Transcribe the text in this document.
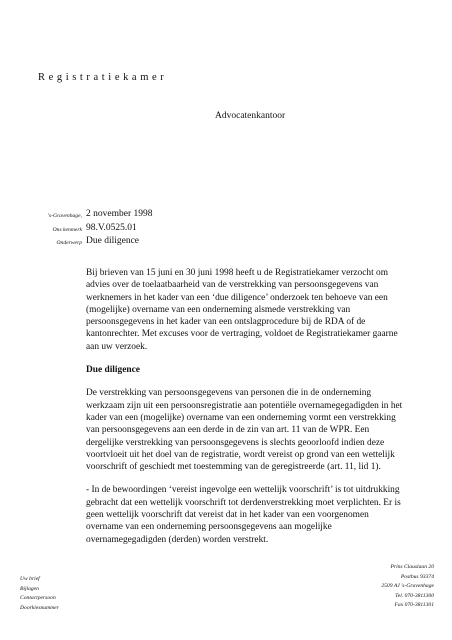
Registratiekamer
Advocatenkantoor
's-Gravenhage, 2 november 1998
Ons kenmerk 98.V.0525.01
Onderwerp Due diligence

Bij brieven van 15 juni en 30 juni 1998 heeft u de Registratiekamer verzocht om advies over de toelaatbaarheid van de verstrekking van persoonsgegevens van werknemers in het kader van een ‘due diligence’ onderzoek ten behoeve van een (mogelijke) overname van een onderneming alsmede verstrekking van persoonsgegevens in het kader van een ontslagprocedure bij de RDA of de kantonrechter. Met excuses voor de vertraging, voldoet de Registratiekamer gaarne aan uw verzoek.

Due diligence

De verstrekking van persoonsgegevens van personen die in de onderneming werkzaam zijn uit een persoonsregistratie aan potentiële overnamegegadigden in het kader van een (mogelijke) overname van een onderneming vormt een verstrekking van persoonsgegevens aan een derde in de zin van art. 11 van de WPR. Een dergelijke verstrekking van persoonsgegevens is slechts geoorloofd indien deze voortvloeit uit het doel van de registratie, wordt vereist op grond van een wettelijk voorschrift of geschiedt met toestemming van de geregistreerde (art. 11, lid 1).

- In de bewoordingen ‘vereist ingevolge een wettelijk voorschrift’ is tot uitdrukking gebracht dat een wettelijk voorschrift tot derdenverstrekking moet verplichten. Er is geen wettelijk voorschrift dat vereist dat in het kader van een voorgenomen overname van een onderneming persoonsgegevens aan mogelijke overnamegegadigden (derden) worden verstrekt.

Uw brief
Bijlagen
Contactpersoon
Doorkiesnummer
Prins Clauslaan 20
Postbus 93374
2509 AJ 's-Gravenhage
Tel. 070-3811300
Fax 070-3811301
